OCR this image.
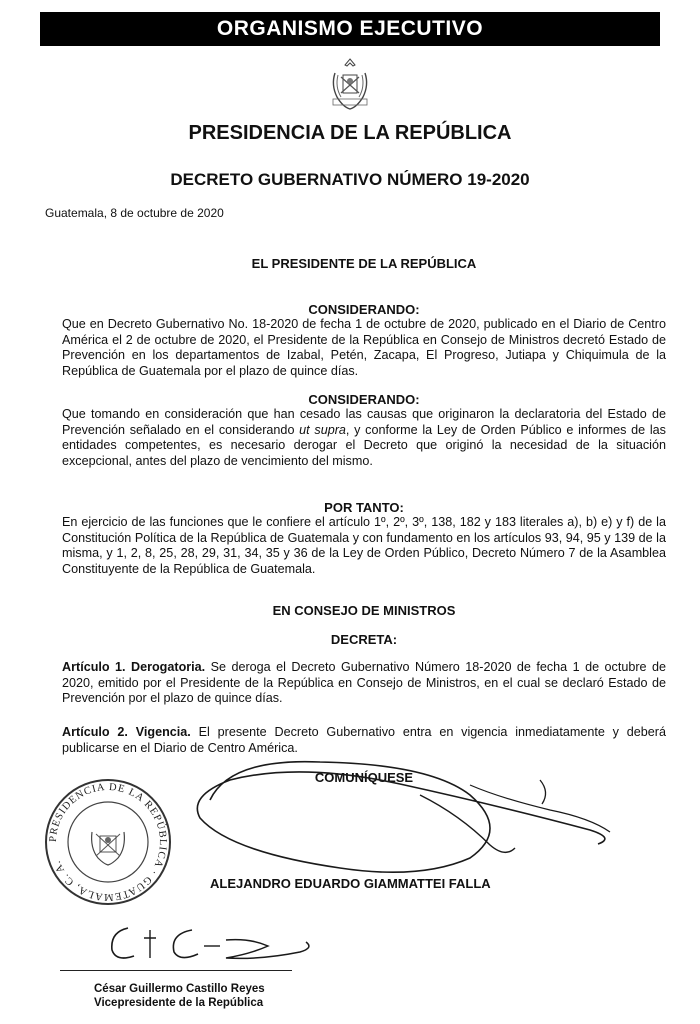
ORGANISMO EJECUTIVO
PRESIDENCIA DE LA REPÚBLICA
DECRETO GUBERNATIVO NÚMERO 19-2020
Guatemala, 8 de octubre de 2020
EL PRESIDENTE DE LA REPÚBLICA
CONSIDERANDO:
Que en Decreto Gubernativo No. 18-2020 de fecha 1 de octubre de 2020, publicado en el Diario de Centro América el 2 de octubre de 2020, el Presidente de la República en Consejo de Ministros decretó Estado de Prevención en los departamentos de Izabal, Petén, Zacapa, El Progreso, Jutiapa y Chiquimula de la República de Guatemala por el plazo de quince días.
CONSIDERANDO:
Que tomando en consideración que han cesado las causas que originaron la declaratoria del Estado de Prevención señalado en el considerando ut supra, y conforme la Ley de Orden Público e informes de las entidades competentes, es necesario derogar el Decreto que originó la necesidad de la situación excepcional, antes del plazo de vencimiento del mismo.
POR TANTO:
En ejercicio de las funciones que le confiere el artículo 1º, 2º, 3º, 138, 182 y 183 literales a), b) e) y f) de la Constitución Política de la República de Guatemala y con fundamento en los artículos 93, 94, 95 y 139 de la misma, y 1, 2, 8, 25, 28, 29, 31, 34, 35 y 36 de la Ley de Orden Público, Decreto Número 7 de la Asamblea Constituyente de la República de Guatemala.
EN CONSEJO DE MINISTROS
DECRETA:
Artículo 1. Derogatoria. Se deroga el Decreto Gubernativo Número 18-2020 de fecha 1 de octubre de 2020, emitido por el Presidente de la República en Consejo de Ministros, en el cual se declaró Estado de Prevención por el plazo de quince días.
Artículo 2. Vigencia. El presente Decreto Gubernativo entra en vigencia inmediatamente y deberá publicarse en el Diario de Centro América.
COMUNÍQUESE
PRESIDENCIA DE LA REPÚBLICA · GUATEMALA, C. A.
ALEJANDRO EDUARDO GIAMMATTEI FALLA
César Guillermo Castillo Reyes
Vicepresidente de la República
